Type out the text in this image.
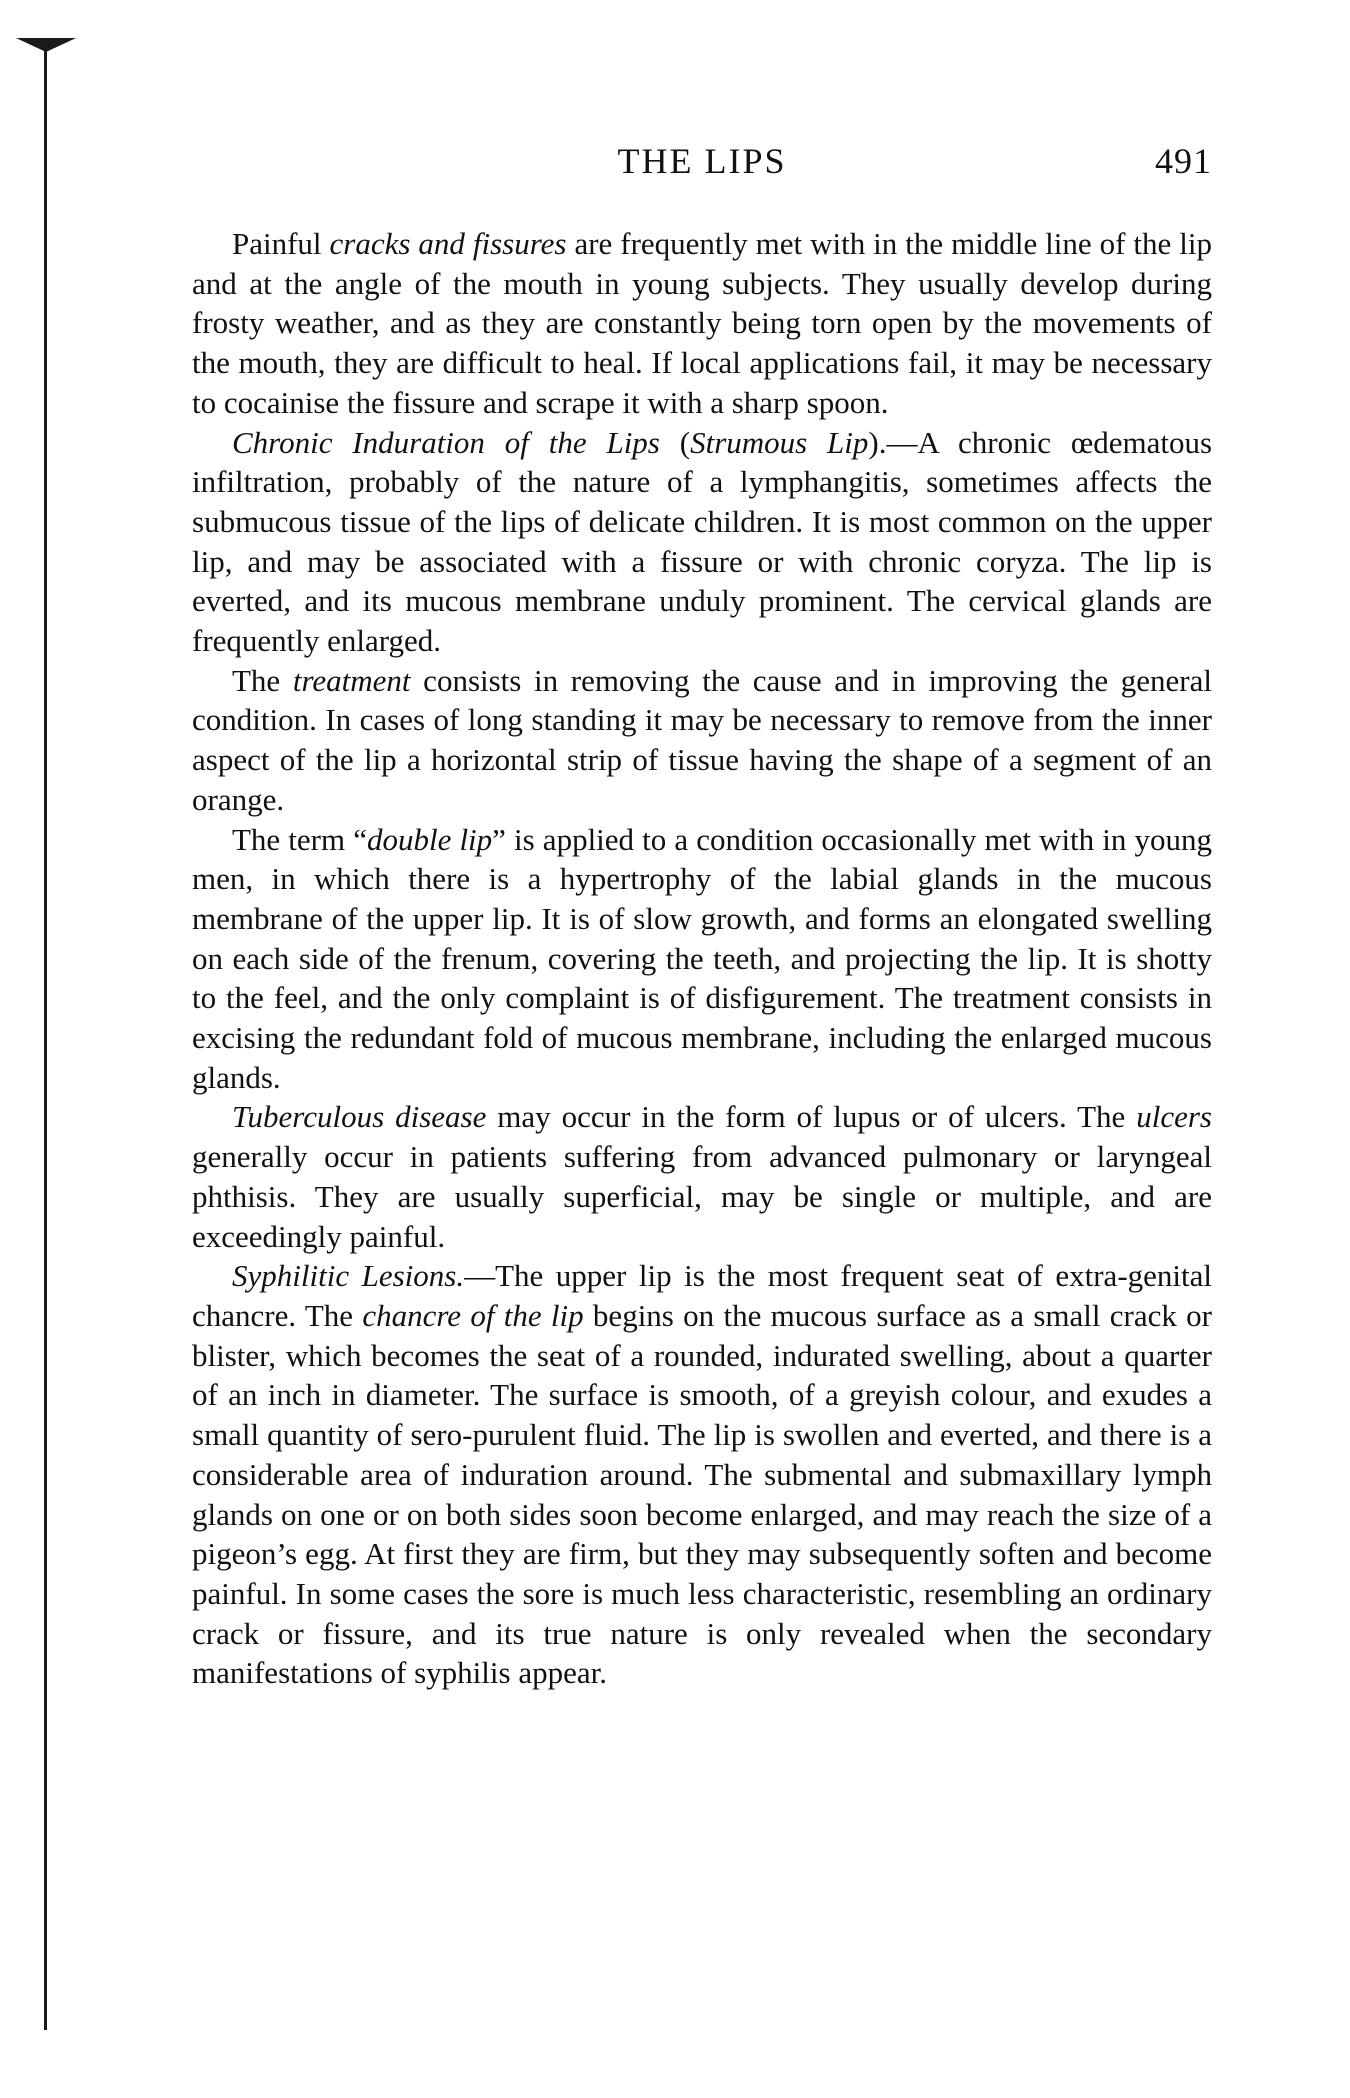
THE LIPS	491

Painful cracks and fissures are frequently met with in the middle line of the lip and at the angle of the mouth in young subjects. They usually develop during frosty weather, and as they are constantly being torn open by the movements of the mouth, they are difficult to heal. If local applications fail, it may be necessary to cocainise the fissure and scrape it with a sharp spoon.

Chronic Induration of the Lips (Strumous Lip).—A chronic œdematous infiltration, probably of the nature of a lymphangitis, sometimes affects the submucous tissue of the lips of delicate children. It is most common on the upper lip, and may be associated with a fissure or with chronic coryza. The lip is everted, and its mucous membrane unduly prominent. The cervical glands are frequently enlarged.

The treatment consists in removing the cause and in improving the general condition. In cases of long standing it may be necessary to remove from the inner aspect of the lip a horizontal strip of tissue having the shape of a segment of an orange.

The term “double lip” is applied to a condition occasionally met with in young men, in which there is a hypertrophy of the labial glands in the mucous membrane of the upper lip. It is of slow growth, and forms an elongated swelling on each side of the frenum, covering the teeth, and projecting the lip. It is shotty to the feel, and the only complaint is of disfigurement. The treatment consists in excising the redundant fold of mucous membrane, including the enlarged mucous glands.

Tuberculous disease may occur in the form of lupus or of ulcers. The ulcers generally occur in patients suffering from advanced pulmonary or laryngeal phthisis. They are usually superficial, may be single or multiple, and are exceedingly painful.

Syphilitic Lesions.—The upper lip is the most frequent seat of extra-genital chancre. The chancre of the lip begins on the mucous surface as a small crack or blister, which becomes the seat of a rounded, indurated swelling, about a quarter of an inch in diameter. The surface is smooth, of a greyish colour, and exudes a small quantity of sero-purulent fluid. The lip is swollen and everted, and there is a considerable area of induration around. The submental and submaxillary lymph glands on one or on both sides soon become enlarged, and may reach the size of a pigeon’s egg. At first they are firm, but they may subsequently soften and become painful. In some cases the sore is much less characteristic, resembling an ordinary crack or fissure, and its true nature is only revealed when the secondary manifestations of syphilis appear.
